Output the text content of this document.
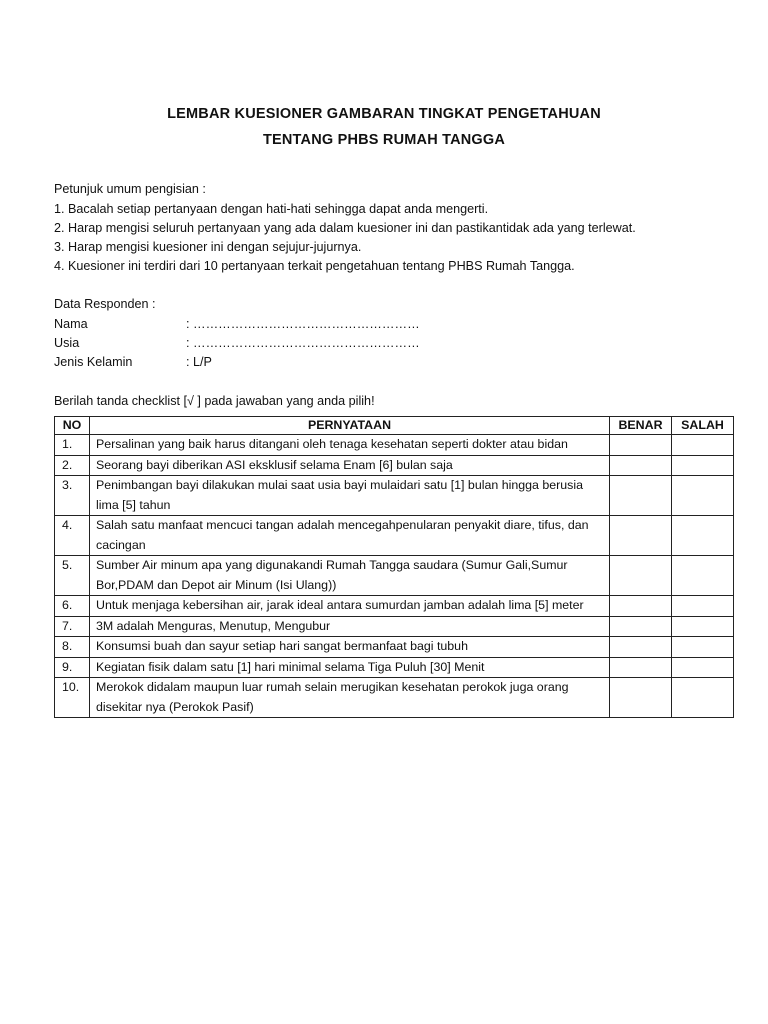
LEMBAR KUESIONER GAMBARAN TINGKAT PENGETAHUAN
TENTANG PHBS RUMAH TANGGA
Petunjuk umum pengisian :
1. Bacalah setiap pertanyaan dengan hati-hati sehingga dapat anda mengerti.
2. Harap mengisi seluruh pertanyaan yang ada dalam kuesioner ini dan pastikantidak ada yang terlewat.
3. Harap mengisi kuesioner ini dengan sejujur-jujurnya.
4. Kuesioner ini terdiri dari 10 pertanyaan terkait pengetahuan tentang PHBS Rumah Tangga.
Data Responden :
Nama	: ………………………………………………
Usia	: ………………………………………………
Jenis Kelamin	: L/P
Berilah tanda checklist [√ ] pada jawaban yang anda pilih!
NO	PERNYATAAN	BENAR	SALAH
1.	Persalinan yang baik harus ditangani oleh tenaga kesehatan seperti dokter atau bidan		
2.	Seorang bayi diberikan ASI eksklusif selama Enam [6] bulan saja		
3.	Penimbangan bayi dilakukan mulai saat usia bayi mulaidari satu [1] bulan hingga berusia lima [5] tahun		
4.	Salah satu manfaat mencuci tangan adalah mencegahpenularan penyakit diare, tifus, dan cacingan		
5.	Sumber Air minum apa yang digunakandi Rumah Tangga saudara (Sumur Gali,Sumur Bor,PDAM dan Depot air Minum (Isi Ulang))		
6.	Untuk menjaga kebersihan air, jarak ideal antara sumurdan jamban adalah lima [5] meter		
7.	3M adalah Menguras, Menutup, Mengubur		
8.	Konsumsi buah dan sayur setiap hari sangat bermanfaat bagi tubuh		
9.	Kegiatan fisik dalam satu [1] hari minimal selama Tiga Puluh [30] Menit		
10.	Merokok didalam maupun luar rumah selain merugikan kesehatan perokok juga orang disekitar nya (Perokok Pasif)		
